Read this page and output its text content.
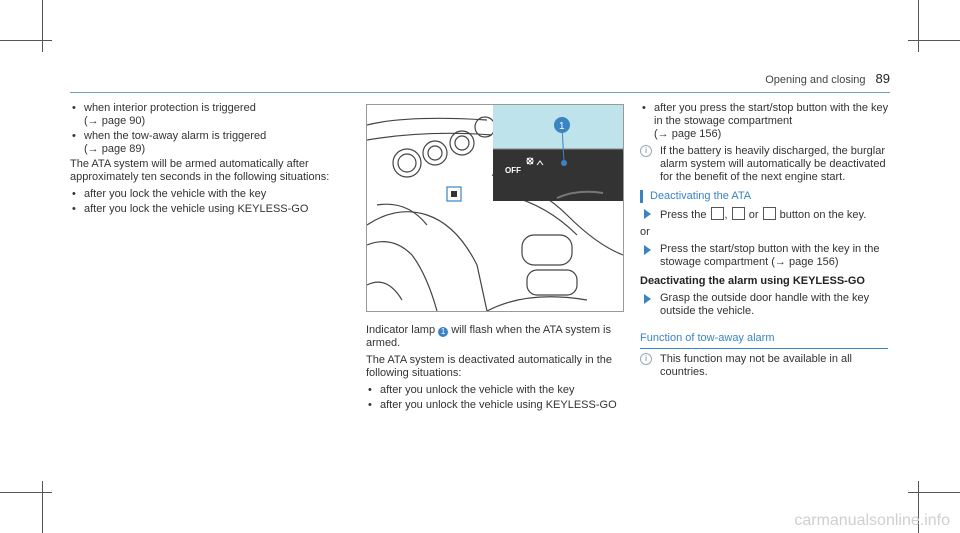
Opening and closing 89
• when interior protection is triggered
(→ page 90)
• when the tow-away alarm is triggered
(→ page 89)

The ATA system will be armed automatically after approximately ten seconds in the following situations:

• after you lock the vehicle with the key
• after you lock the vehicle using KEYLESS-GO
OFF
1

Indicator lamp 1 will flash when the ATA system is armed.

The ATA system is deactivated automatically in the following situations:

• after you unlock the vehicle with the key
• after you unlock the vehicle using KEYLESS-GO
• after you press the start/stop button with the key in the stowage compartment
(→ page 156)
i	If the battery is heavily discharged, the burglar alarm system will automatically be deactivated for the benefit of the next engine start.
Deactivating the ATA
Press the ,  or button on the key.

or

Press the start/stop button with the key in the stowage compartment (→ page 156)
Deactivating the alarm using KEYLESS-GO
Grasp the outside door handle with the key outside the vehicle.
Function of tow-away alarm
i	This function may not be available in all countries.
carmanualsonline.info
